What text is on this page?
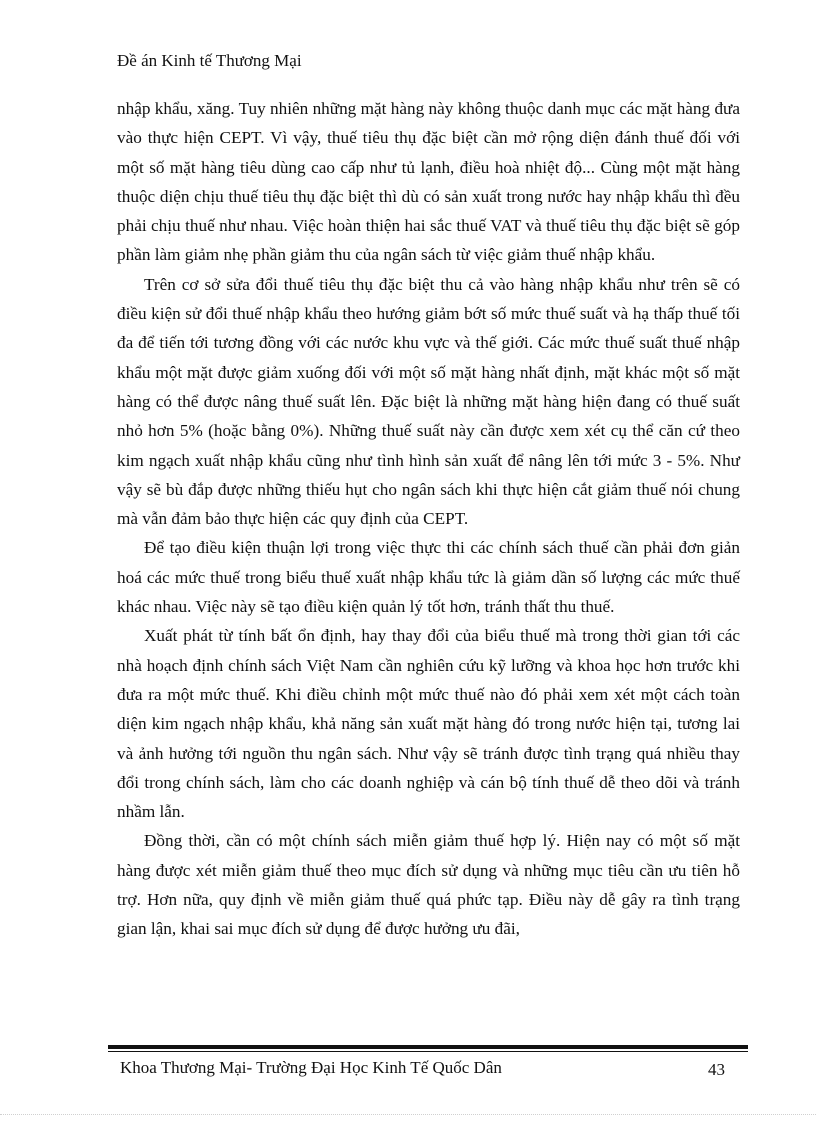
Đề án Kinh tế Thương Mại

nhập khẩu, xăng. Tuy nhiên những mặt hàng này không thuộc danh mục các mặt hàng đưa vào thực hiện CEPT. Vì vậy, thuế tiêu thụ đặc biệt cần mở rộng diện đánh thuế đối với một số mặt hàng tiêu dùng cao cấp như tủ lạnh, điều hoà nhiệt độ... Cùng một mặt hàng thuộc diện chịu thuế tiêu thụ đặc biệt thì dù có sản xuất trong nước hay nhập khẩu thì đều phải chịu thuế như nhau. Việc hoàn thiện hai sắc thuế VAT và thuế tiêu thụ đặc biệt sẽ góp phần làm giảm nhẹ phần giảm thu của ngân sách từ việc giảm thuế nhập khẩu.

Trên cơ sở sửa đổi thuế tiêu thụ đặc biệt thu cả vào hàng nhập khẩu như trên sẽ có điều kiện sử đổi thuế nhập khẩu theo hướng giảm bớt số mức thuế suất và hạ thấp thuế tối đa để tiến tới tương đồng với các nước khu vực và thế giới. Các mức thuế suất thuế nhập khẩu một mặt được giảm xuống đối với một số mặt hàng nhất định, mặt khác một số mặt hàng có thể được nâng thuế suất lên. Đặc biệt là những mặt hàng hiện đang có thuế suất nhỏ hơn 5% (hoặc bằng 0%). Những thuế suất này cần được xem xét cụ thể căn cứ theo kim ngạch xuất nhập khẩu cũng như tình hình sản xuất để nâng lên tới mức 3 - 5%. Như vậy sẽ bù đắp được những thiếu hụt cho ngân sách khi thực hiện cắt giảm thuế nói chung mà vẫn đảm bảo thực hiện các quy định của CEPT.

Để tạo điều kiện thuận lợi trong việc thực thi các chính sách thuế cần phải đơn giản hoá các mức thuế trong biểu thuế xuất nhập khẩu tức là giảm dần số lượng các mức thuế khác nhau. Việc này sẽ tạo điều kiện quản lý tốt hơn, tránh thất thu thuế.

Xuất phát từ tính bất ổn định, hay thay đổi của biểu thuế mà trong thời gian tới các nhà hoạch định chính sách Việt Nam cần nghiên cứu kỹ lưỡng và khoa học hơn trước khi đưa ra một mức thuế. Khi điều chỉnh một mức thuế nào đó phải xem xét một cách toàn diện kim ngạch nhập khẩu, khả năng sản xuất mặt hàng đó trong nước hiện tại, tương lai và ảnh hưởng tới nguồn thu ngân sách. Như vậy sẽ tránh được tình trạng quá nhiều thay đổi trong chính sách, làm cho các doanh nghiệp và cán bộ tính thuế dễ theo dõi và tránh nhầm lẫn.

Đồng thời, cần có một chính sách miễn giảm thuế hợp lý. Hiện nay có một số mặt hàng được xét miễn giảm thuế theo mục đích sử dụng và những mục tiêu cần ưu tiên hỗ trợ. Hơn nữa, quy định về miễn giảm thuế quá phức tạp. Điều này dễ gây ra tình trạng gian lận, khai sai mục đích sử dụng để được hưởng ưu đãi,

Khoa Thương Mại- Trường Đại Học Kinh Tế Quốc Dân	43
